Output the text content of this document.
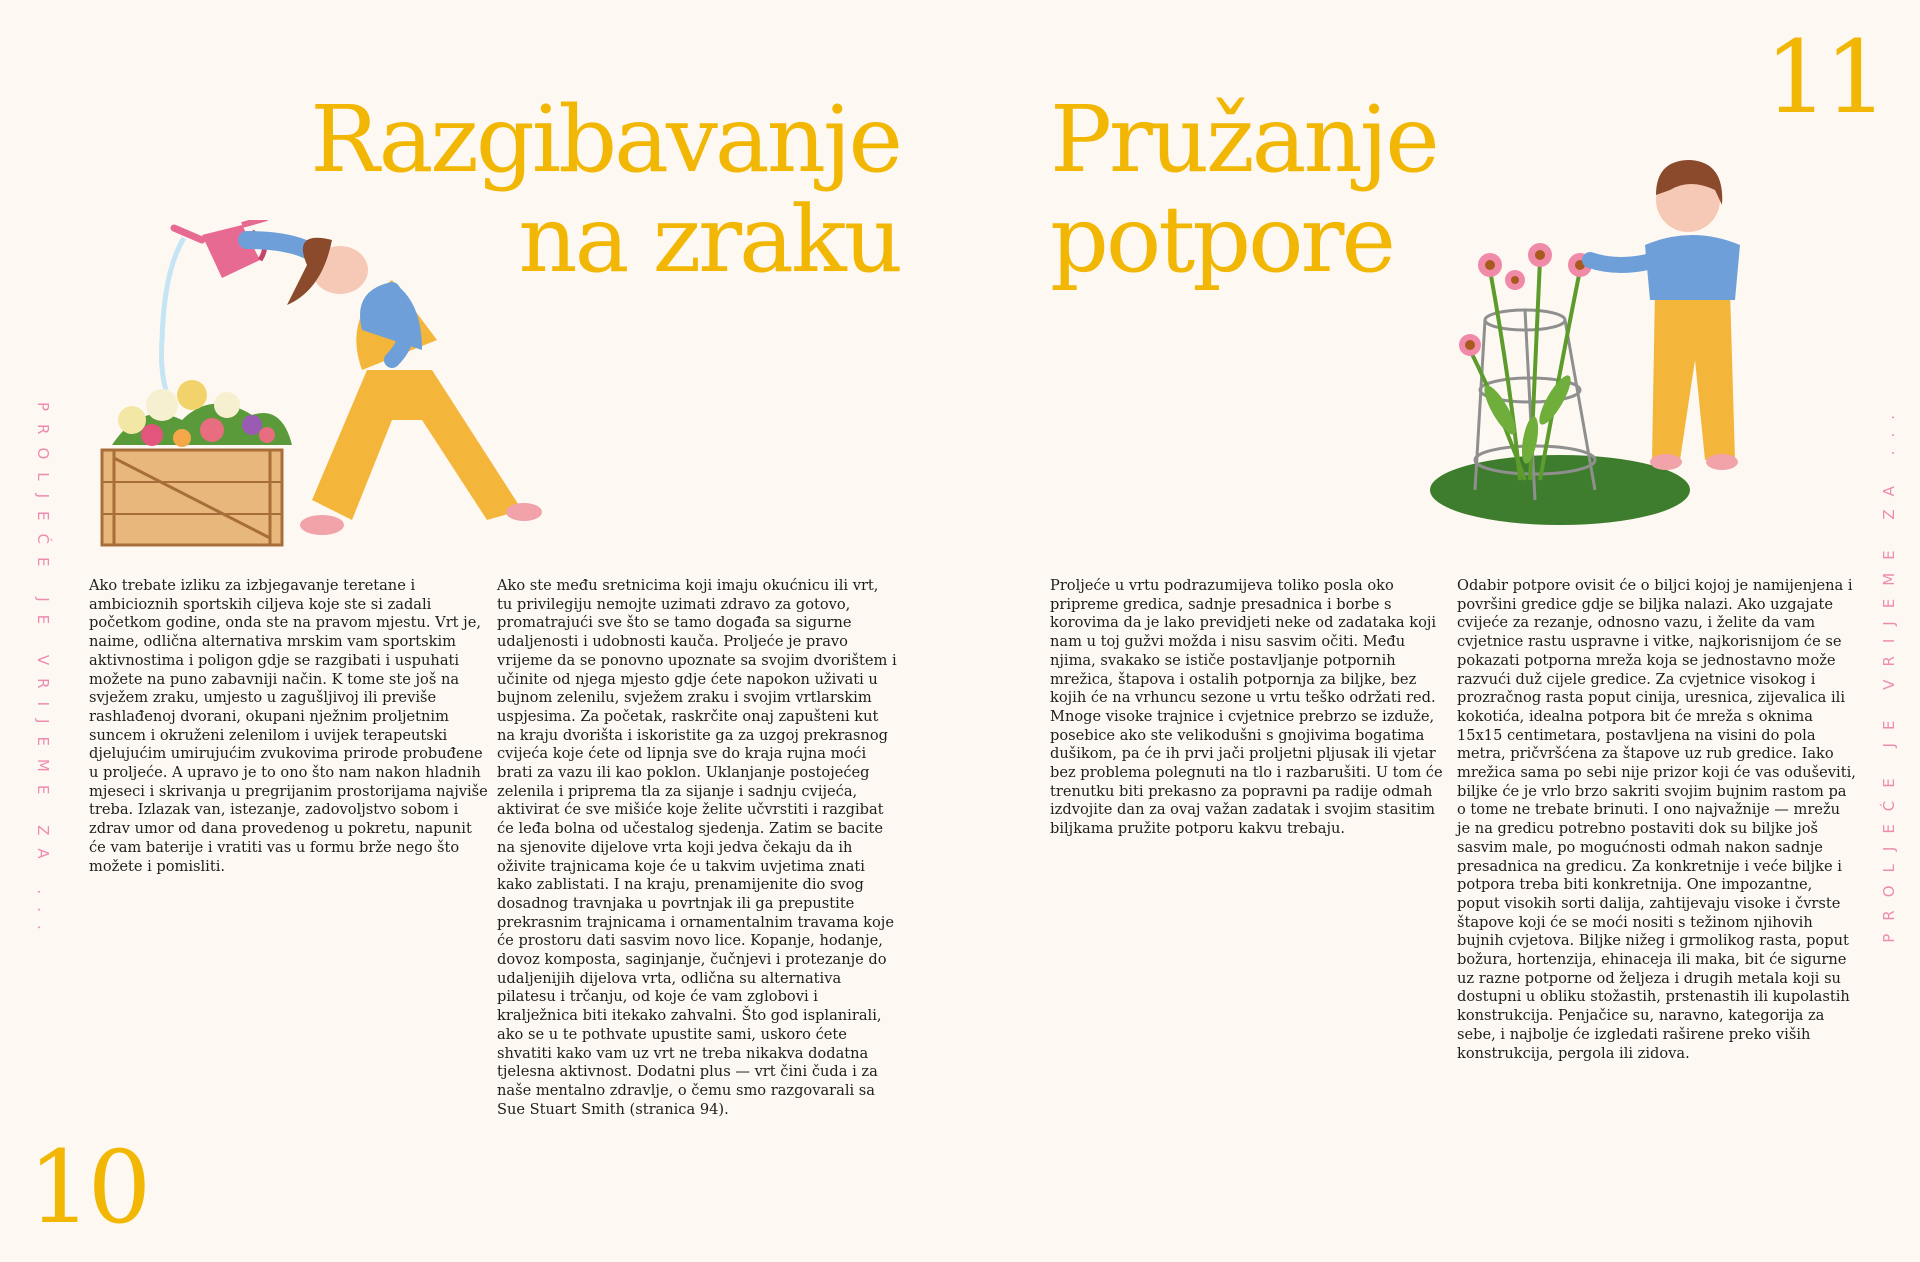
10
11
PROLJEĆE JE VRIJEME ZA ...	PROLJEĆE JE VRIJEME ZA ...
Razgibavanje
na zraku
Pružanje
potpore

Ako trebate izliku za izbjegavanje teretane i ambicioznih sportskih ciljeva koje ste si zadali početkom godine, onda ste na pravom mjestu. Vrt je, naime, odlična alternativa mrskim vam sportskim aktivnostima i poligon gdje se razgibati i uspuhati možete na puno zabavniji način. K tome ste još na svježem zraku, umjesto u zagušljivoj ili previše rashlađenoj dvorani, okupani nježnim proljetnim suncem i okruženi zelenilom i uvijek terapeutski djelujućim umirujućim zvukovima prirode probuđene u proljeće. A upravo je to ono što nam nakon hladnih mjeseci i skrivanja u pregrijanim prostorijama najviše treba. Izlazak van, istezanje, zadovoljstvo sobom i zdrav umor od dana provedenog u pokretu, napunit će vam baterije i vratiti vas u formu brže nego što možete i pomisliti.

Ako ste među sretnicima koji imaju okućnicu ili vrt, tu privilegiju nemojte uzimati zdravo za gotovo, promatrajući sve što se tamo događa sa sigurne udaljenosti i udobnosti kauča. Proljeće je pravo vrijeme da se ponovno upoznate sa svojim dvorištem i učinite od njega mjesto gdje ćete napokon uživati u bujnom zelenilu, svježem zraku i svojim vrtlarskim uspjesima. Za početak, raskrčite onaj zapušteni kut na kraju dvorišta i iskoristite ga za uzgoj prekrasnog cvijeća koje ćete od lipnja sve do kraja rujna moći brati za vazu ili kao poklon. Uklanjanje postojećeg zelenila i priprema tla za sijanje i sadnju cvijeća, aktivirat će sve mišiće koje želite učvrstiti i razgibat će leđa bolna od učestalog sjedenja. Zatim se bacite na sjenovite dijelove vrta koji jedva čekaju da ih oživite trajnicama koje će u takvim uvjetima znati kako zablistati. I na kraju, prenamijenite dio svog dosadnog travnjaka u povrtnjak ili ga prepustite prekrasnim trajnicama i ornamentalnim travama koje će prostoru dati sasvim novo lice. Kopanje, hodanje, dovoz komposta, saginjanje, čučnjevi i protezanje do udaljenijih dijelova vrta, odlična su alternativa pilatesu i trčanju, od koje će vam zglobovi i kralježnica biti itekako zahvalni. Što god isplanirali, ako se u te pothvate upustite sami, uskoro ćete shvatiti kako vam uz vrt ne treba nikakva dodatna tjelesna aktivnost. Dodatni plus — vrt čini čuda i za naše mentalno zdravlje, o čemu smo razgovarali sa Sue Stuart Smith (stranica 94).

Proljeće u vrtu podrazumijeva toliko posla oko pripreme gredica, sadnje presadnica i borbe s korovima da je lako previdjeti neke od zadataka koji nam u toj gužvi možda i nisu sasvim očiti. Među njima, svakako se ističe postavljanje potpornih mrežica, štapova i ostalih potpornja za biljke, bez kojih će na vrhuncu sezone u vrtu teško održati red. Mnoge visoke trajnice i cvjetnice prebrzo se izduže, posebice ako ste velikodušni s gnojivima bogatima dušikom, pa će ih prvi jači proljetni pljusak ili vjetar bez problema polegnuti na tlo i razbarušiti. U tom će trenutku biti prekasno za popravni pa radije odmah izdvojite dan za ovaj važan zadatak i svojim stasitim biljkama pružite potporu kakvu trebaju.

Odabir potpore ovisit će o biljci kojoj je namijenjena i površini gredice gdje se biljka nalazi. Ako uzgajate cvijeće za rezanje, odnosno vazu, i želite da vam cvjetnice rastu uspravne i vitke, najkorisnijom će se pokazati potporna mreža koja se jednostavno može razvući duž cijele gredice. Za cvjetnice visokog i prozračnog rasta poput cinija, uresnica, zijevalica ili kokotića, idealna potpora bit će mreža s oknima 15x15 centimetara, postavljena na visini do pola metra, pričvršćena za štapove uz rub gredice. Iako mrežica sama po sebi nije prizor koji će vas oduševiti, biljke će je vrlo brzo sakriti svojim bujnim rastom pa o tome ne trebate brinuti. I ono najvažnije — mrežu je na gredicu potrebno postaviti dok su biljke još sasvim male, po mogućnosti odmah nakon sadnje presadnica na gredicu. Za konkretnije i veće biljke i potpora treba biti konkretnija. One impozantne, poput visokih sorti dalija, zahtijevaju visoke i čvrste štapove koji će se moći nositi s težinom njihovih bujnih cvjetova. Biljke nižeg i grmolikog rasta, poput božura, hortenzija, ehinaceja ili maka, bit će sigurne uz razne potporne od željeza i drugih metala koji su dostupni u obliku stožastih, prstenastih ili kupolastih konstrukcija. Penjačice su, naravno, kategorija za sebe, i najbolje će izgledati raširene preko viših konstrukcija, pergola ili zidova.
